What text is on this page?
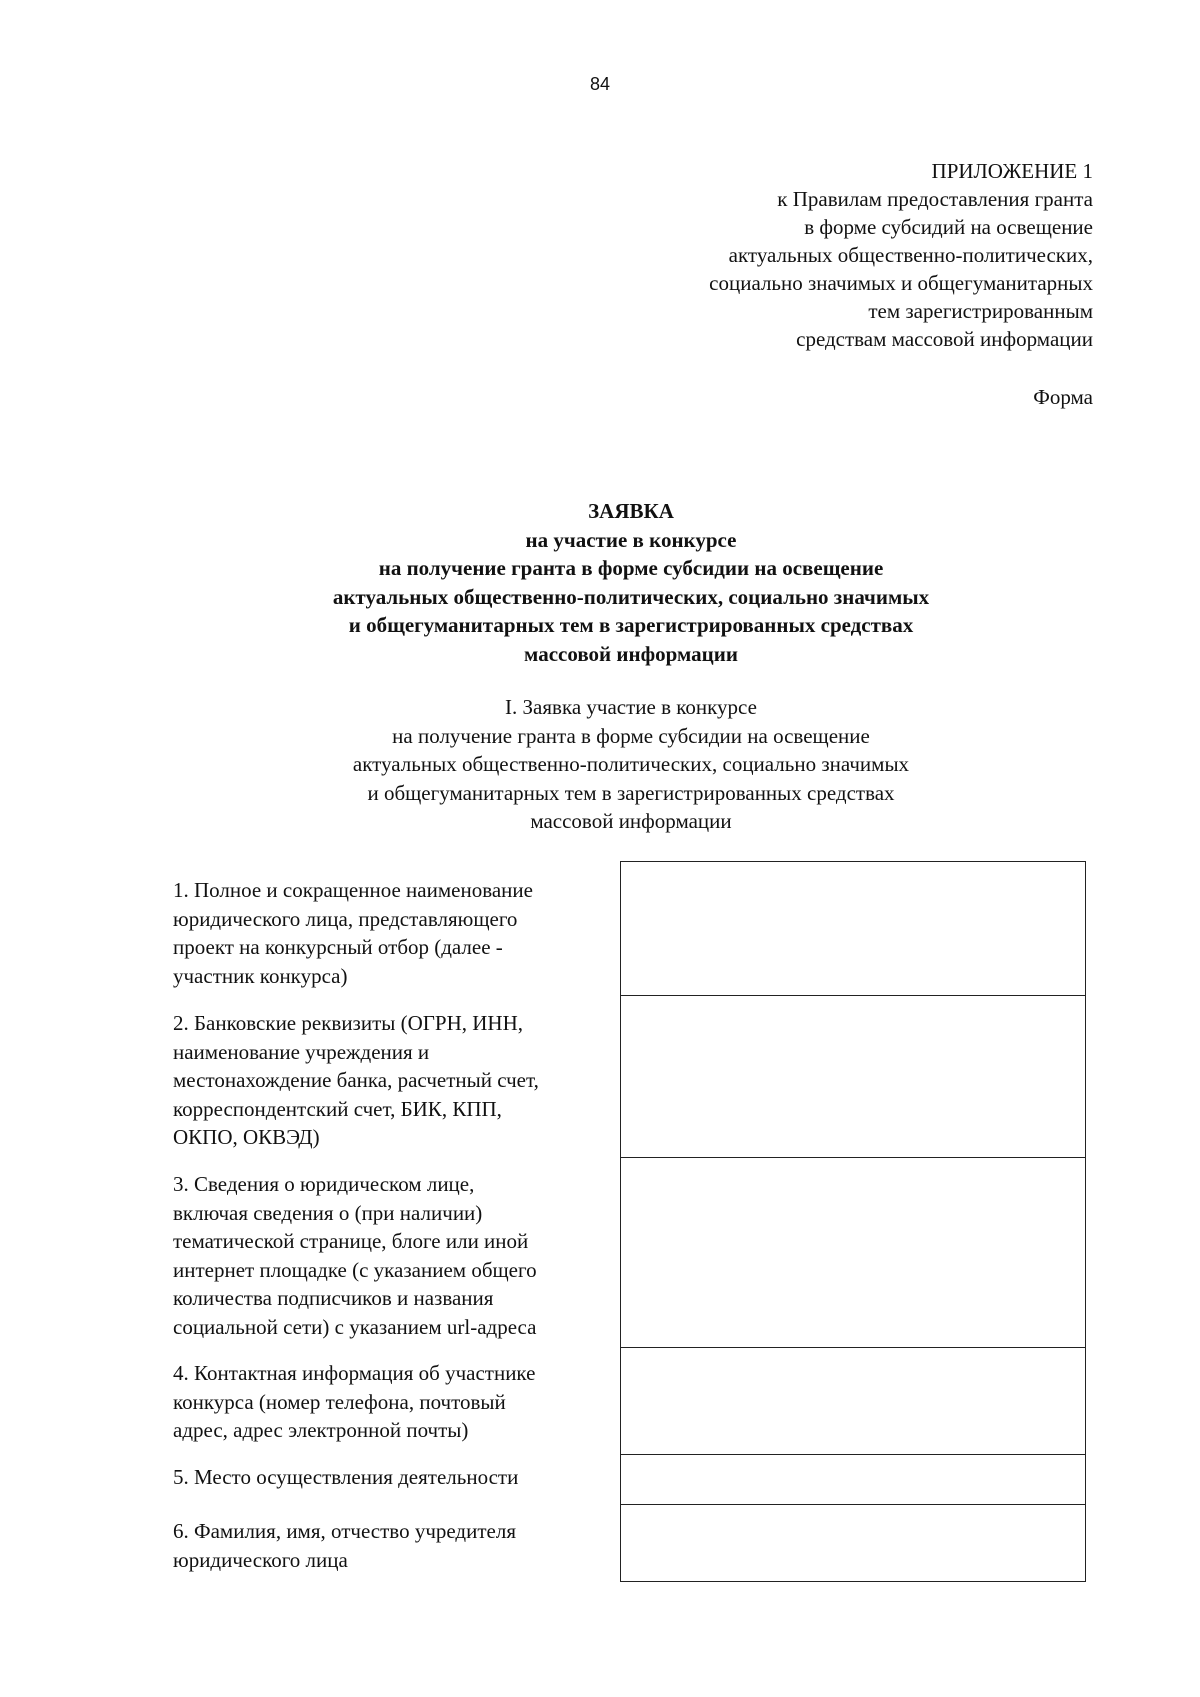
84
ПРИЛОЖЕНИЕ 1
к Правилам предоставления гранта
в форме субсидий на освещение
актуальных общественно-политических,
социально значимых и общегуманитарных
тем зарегистрированным
средствам массовой информации
Форма
ЗАЯВКА
на участие в конкурсе
на получение гранта в форме субсидии на освещение
актуальных общественно-политических, социально значимых
и общегуманитарных тем в зарегистрированных средствах
массовой информации
I. Заявка участие в конкурсе
на получение гранта в форме субсидии на освещение
актуальных общественно-политических, социально значимых
и общегуманитарных тем в зарегистрированных средствах
массовой информации
1. Полное и сокращенное наименование
юридического лица, представляющего
проект на конкурсный отбор (далее -
участник конкурса)
2. Банковские реквизиты (ОГРН, ИНН,
наименование учреждения и
местонахождение банка, расчетный счет,
корреспондентский счет, БИК, КПП,
ОКПО, ОКВЭД)
3. Сведения о юридическом лице,
включая сведения о (при наличии)
тематической странице, блоге или иной
интернет площадке (с указанием общего
количества подписчиков и названия
социальной сети) с указанием url-адреса
4. Контактная информация об участнике
конкурса (номер телефона, почтовый
адрес, адрес электронной почты)
5. Место осуществления деятельности
6. Фамилия, имя, отчество учредителя
юридического лица
